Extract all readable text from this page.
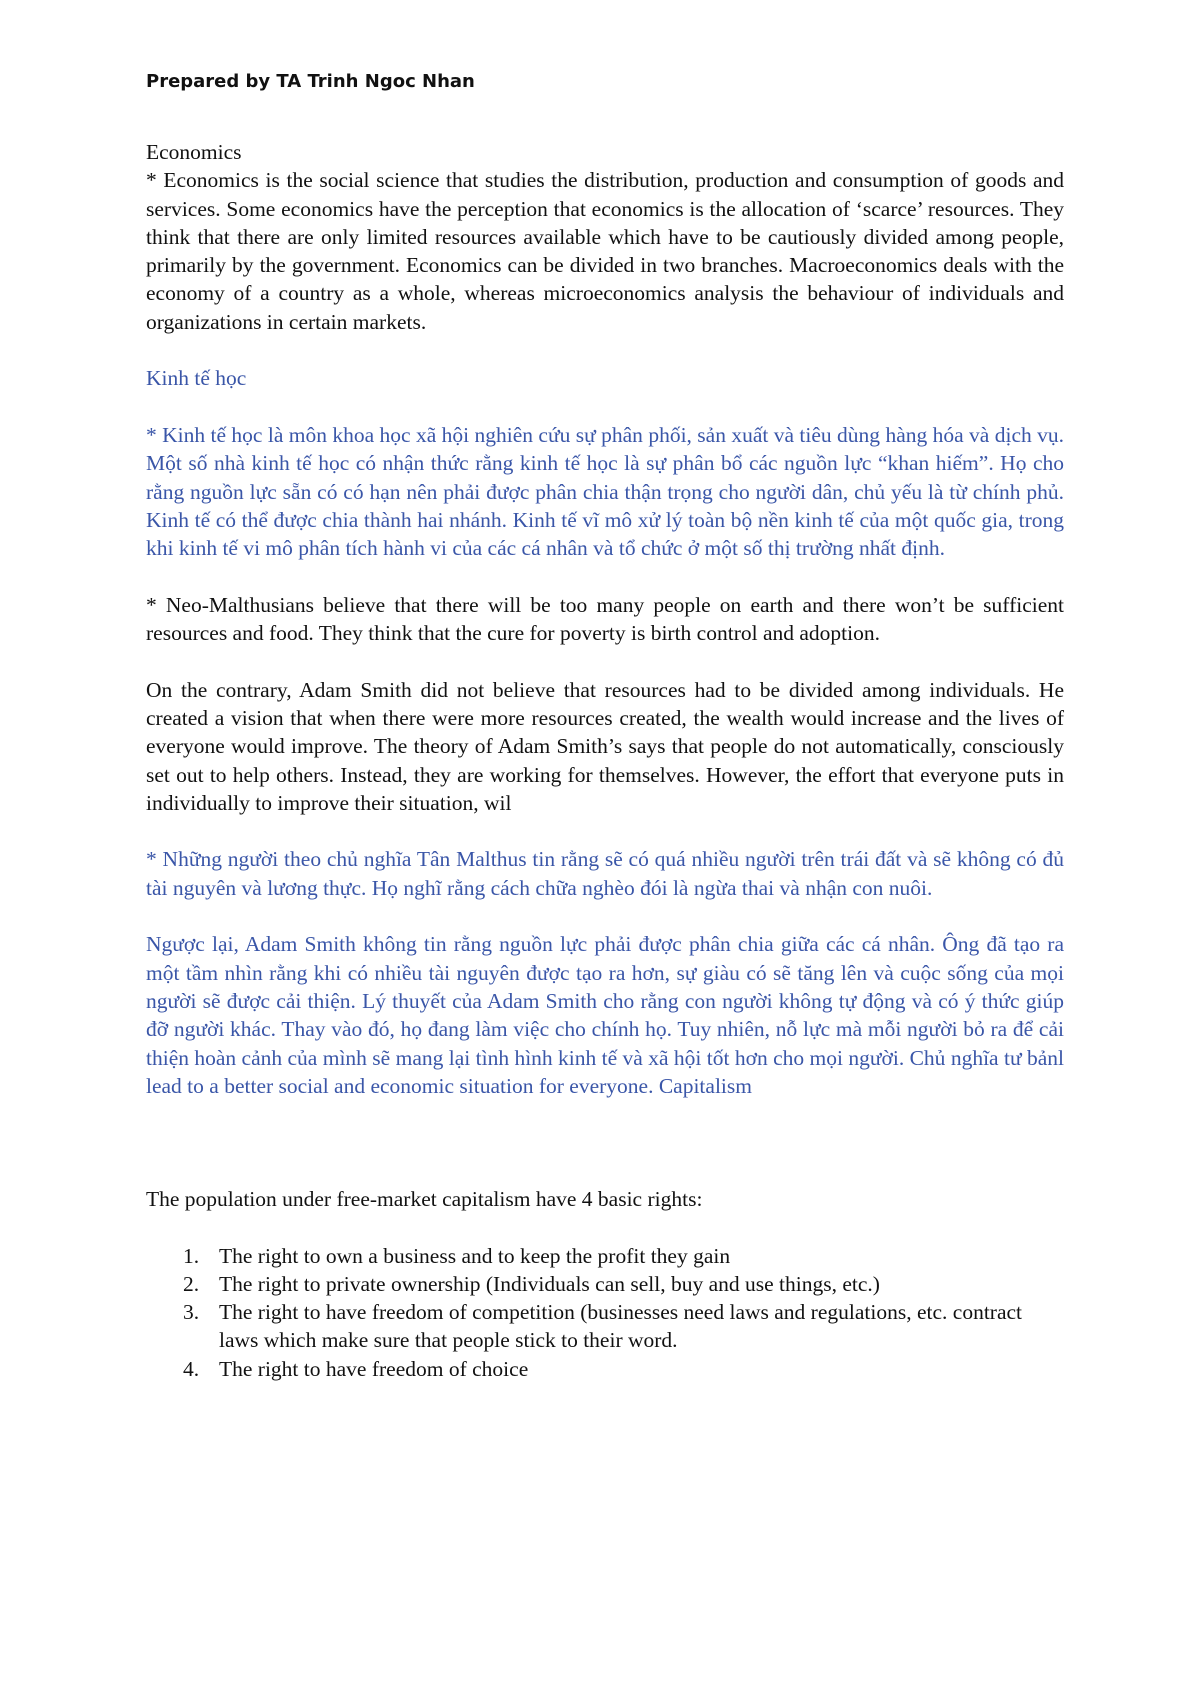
Prepared by TA Trinh Ngoc Nhan

Economics

* Economics is the social science that studies the distribution, production and consumption of goods and services. Some economics have the perception that economics is the allocation of ‘scarce’ resources. They think that there are only limited resources available which have to be cautiously divided among people, primarily by the government. Economics can be divided in two branches. Macroeconomics deals with the economy of a country as a whole, whereas microeconomics analysis the behaviour of individuals and organizations in certain markets.

Kinh tế học

* Kinh tế học là môn khoa học xã hội nghiên cứu sự phân phối, sản xuất và tiêu dùng hàng hóa và dịch vụ. Một số nhà kinh tế học có nhận thức rằng kinh tế học là sự phân bổ các nguồn lực “khan hiếm”. Họ cho rằng nguồn lực sẵn có có hạn nên phải được phân chia thận trọng cho người dân, chủ yếu là từ chính phủ. Kinh tế có thể được chia thành hai nhánh. Kinh tế vĩ mô xử lý toàn bộ nền kinh tế của một quốc gia, trong khi kinh tế vi mô phân tích hành vi của các cá nhân và tổ chức ở một số thị trường nhất định.

* Neo-Malthusians believe that there will be too many people on earth and there won’t be sufficient resources and food. They think that the cure for poverty is birth control and adoption.

On the contrary, Adam Smith did not believe that resources had to be divided among individuals. He created a vision that when there were more resources created, the wealth would increase and the lives of everyone would improve. The theory of Adam Smith’s says that people do not automatically, consciously set out to help others. Instead, they are working for themselves. However, the effort that everyone puts in individually to improve their situation, wil

* Những người theo chủ nghĩa Tân Malthus tin rằng sẽ có quá nhiều người trên trái đất và sẽ không có đủ tài nguyên và lương thực. Họ nghĩ rằng cách chữa nghèo đói là ngừa thai và nhận con nuôi.

Ngược lại, Adam Smith không tin rằng nguồn lực phải được phân chia giữa các cá nhân. Ông đã tạo ra một tầm nhìn rằng khi có nhiều tài nguyên được tạo ra hơn, sự giàu có sẽ tăng lên và cuộc sống của mọi người sẽ được cải thiện. Lý thuyết của Adam Smith cho rằng con người không tự động và có ý thức giúp đỡ người khác. Thay vào đó, họ đang làm việc cho chính họ. Tuy nhiên, nỗ lực mà mỗi người bỏ ra để cải thiện hoàn cảnh của mình sẽ mang lại tình hình kinh tế và xã hội tốt hơn cho mọi người. Chủ nghĩa tư bảnl lead to a better social and economic situation for everyone. Capitalism

The population under free-market capitalism have 4 basic rights:

1. The right to own a business and to keep the profit they gain
2. The right to private ownership (Individuals can sell, buy and use things, etc.)
3. The right to have freedom of competition (businesses need laws and regulations, etc. contract laws which make sure that people stick to their word.
4. The right to have freedom of choice
